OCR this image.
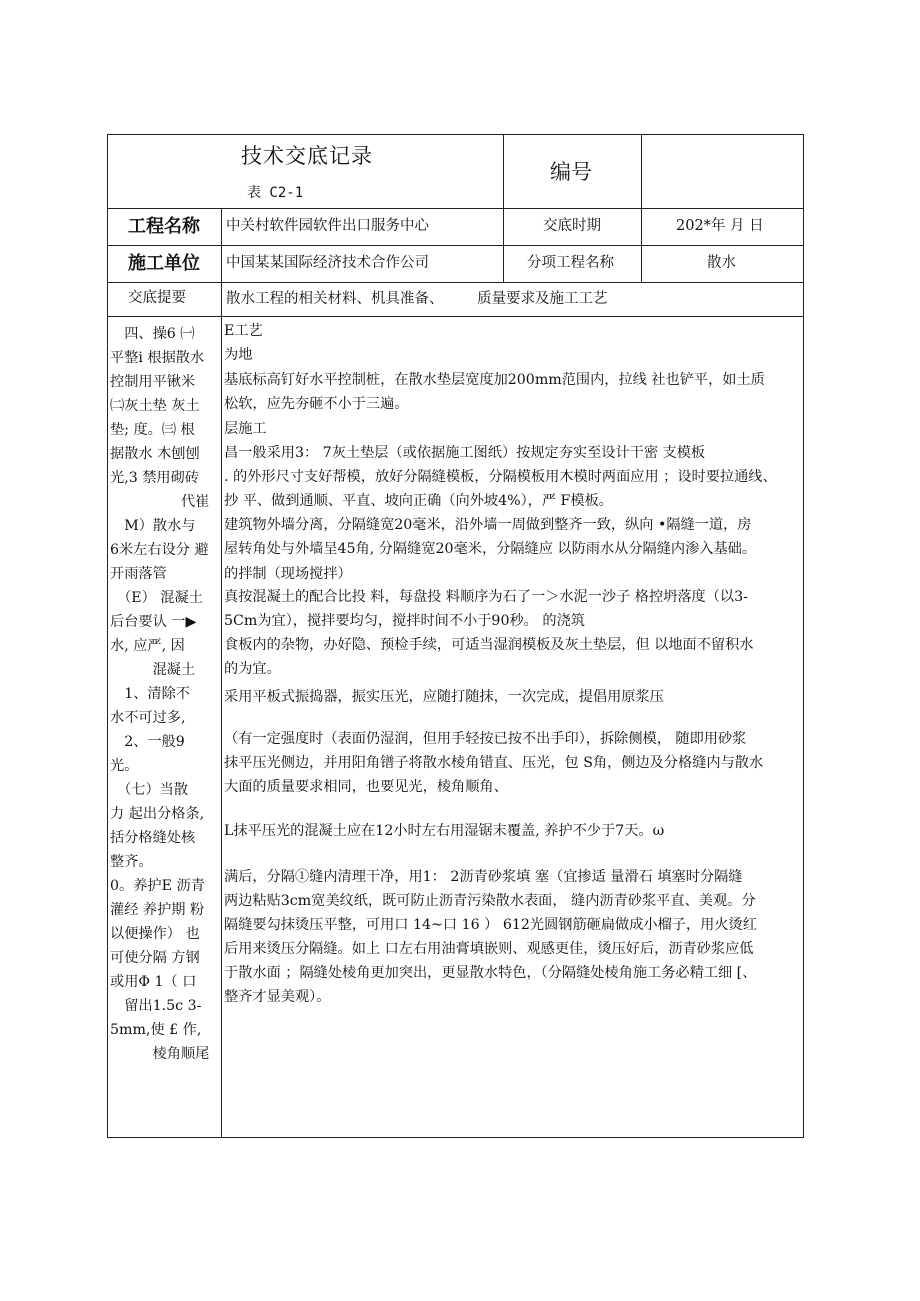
技术交底记录
表 C2-1
编号
工程名称 中关村软件园软件出口服务中心	交底时期	202*年 月 日
施工单位 中国某某国际经济技术合作公司	分项工程名称	散水
交底提要	散水工程的相关材料、机具准备、 质量要求及施工工艺
　四、操6 ㈠
平整i 根据散水
控制用平锹米
㈡灰土垫 灰土
垫; 度。㈢ 根
据散水 木刨刨
光,3 禁用砌砖
　　　　　代崔
　M）散水与
6米左右设分 避
开雨落管
　（E） 混凝土
后台要认 一▶
水, 应严, 因
　　　混凝土
　1、清除不
水不可过多,
　2、一般9
光。
　（七）当散
力 起出分格条,
括分格缝处核
整齐。
0。养护E 沥青
灌经 养护期 粉
以便操作） 也
可使分隔 方钢
或用Φ 1（ 口
　留出1.5c 3-
5mm,使 £ 作,
　　　棱角顺尾
E工艺
为地
基底标高钉好水平控制桩，在散水垫层宽度加200mm范围内，拉线 社也铲平，如土质
松软，应先夯砸不小于三遍。
层施工
昌一般采用3： 7灰土垫层（或依据施工图纸）按规定夯实至设计干密 支模板
. 的外形尺寸支好帮模，放好分隔缝模板，分隔模板用木模时两面应用 ；设时要拉通线、
抄 平、做到通顺、平直、坡向正确（向外坡4%），严 F模板。
建筑物外墙分离，分隔缝宽20毫米，沿外墙一周做到整齐一致，纵向 •隔缝一道，房
屋转角处与外墙呈45角, 分隔缝宽20毫米，分隔缝应 以防雨水从分隔缝内渗入基础。
的拌制（现场搅拌）
真按混凝土的配合比投 料，每盘投 料顺序为石了一＞水泥一沙子 格控坍落度（以3-
5Cm为宜），搅拌要均匀，搅拌时间不小于90秒。 的浇筑
食板内的杂物，办好隐、预检手续，可适当湿润模板及灰土垫层，但 以地面不留积水
的为宜。
采用平板式振捣器，振实压光，应随打随抹，一次完成，提倡用原浆压
（有一定强度时（表面仍湿润，但用手轻按已按不出手印），拆除侧模， 随即用砂浆
抹平压光侧边，并用阳角镨子将散水棱角错直、压光，包 S角，侧边及分格缝内与散水
大面的质量要求相同，也要见光，棱角顺角、
L抹平压光的混凝土应在12小时左右用湿锯末覆盖, 养护不少于7天。ω
满后，分隔①缝内清理干净，用1： 2沥青砂浆填 塞（宜掺适 量滑石 填塞时分隔缝
两边粘贴3cm宽美纹纸，既可防止沥青污染散水表面， 缝内沥青砂浆平直、美观。分
隔缝要勾抹烫压平整，可用口 14~口 16 ） 612光圆钢筋砸扁做成小榴子，用火烫红
后用来烫压分隔缝。如上 口左右用油膏填嵌则、观感更佳，烫压好后，沥青砂浆应低
于散水面 ；隔缝处棱角更加突出，更显散水特色，（分隔缝处棱角施工务必精工细 [、
整齐才显美观）。
